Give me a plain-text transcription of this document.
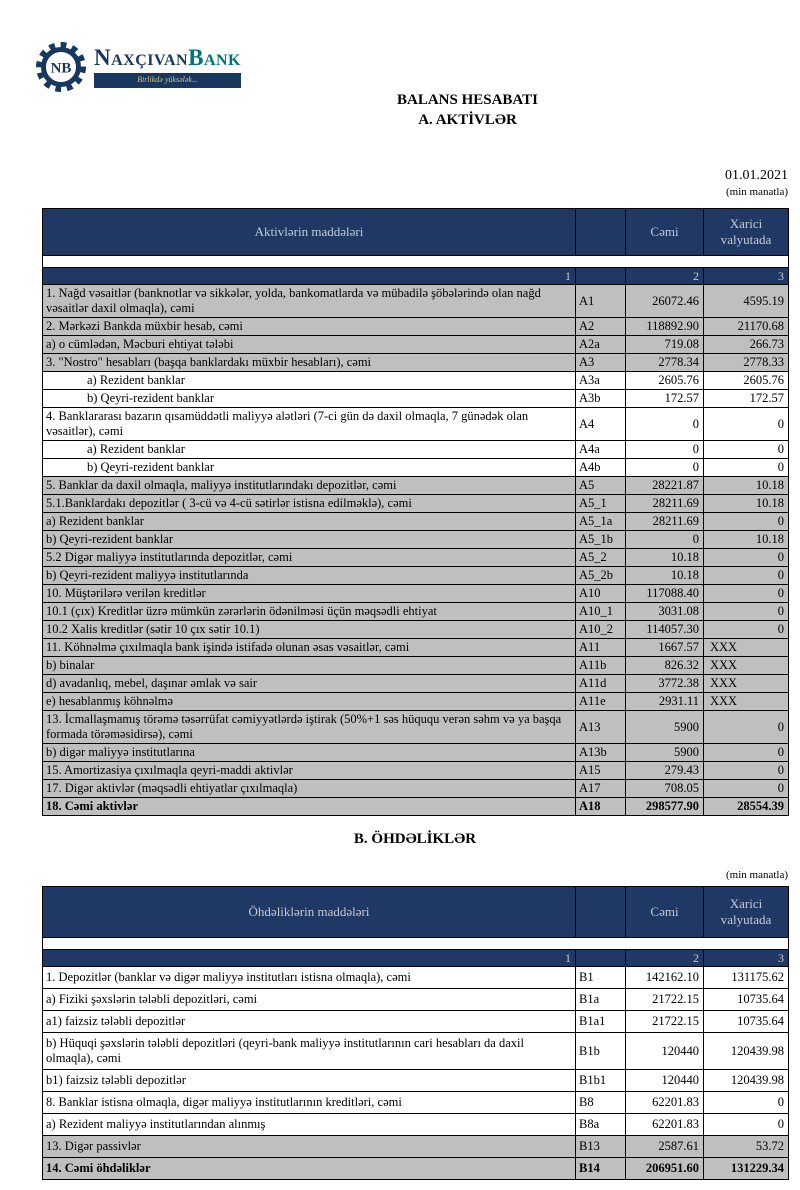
NB NaxçıvanBank
Birlikdə yüksələk...
BALANS HESABATI
A. AKTİVLƏR
01.01.2021
(min manatla)
Aktivlərin maddələri		Cəmi	Xarici valyutada

1		2	3
1. Nağd vəsaitlər (banknotlar və sikkələr, yolda, bankomatlarda və mübadilə şöbələrində olan nağd vəsaitlər daxil olmaqla), cəmi	A1	26072.46	4595.19
2. Mərkəzi Bankda müxbir hesab, cəmi	A2	118892.90	21170.68
a) o cümlədən, Məcburi ehtiyat tələbi	A2a	719.08	266.73
3. "Nostro" hesabları (başqa banklardakı müxbir hesabları), cəmi	A3	2778.34	2778.33
a) Rezident banklar	A3a	2605.76	2605.76
b) Qeyri-rezident banklar	A3b	172.57	172.57
4. Banklararası bazarın qısamüddətli maliyyə alətləri (7-ci gün də daxil olmaqla, 7 günədək olan vəsaitlər), cəmi	A4	0	0
a) Rezident banklar	A4a	0	0
b) Qeyri-rezident banklar	A4b	0	0
5. Banklar da daxil olmaqla, maliyyə institutlarındakı depozitlər, cəmi	A5	28221.87	10.18
5.1.Banklardakı depozitlər ( 3-cü və 4-cü sətirlər istisna edilməklə), cəmi	A5_1	28211.69	10.18
a) Rezident banklar	A5_1a	28211.69	0
b) Qeyri-rezident banklar	A5_1b	0	10.18
5.2 Digər maliyyə institutlarında depozitlər, cəmi	A5_2	10.18	0
b) Qeyri-rezident maliyyə institutlarında	A5_2b	10.18	0
10. Müştərilərə verilən kreditlər	A10	117088.40	0
10.1 (çıx) Kreditlər üzrə mümkün zərərlərin ödənilməsi üçün məqsədli ehtiyat	A10_1	3031.08	0
10.2 Xalis kreditlər (sətir 10 çıx sətir 10.1)	A10_2	114057.30	0
11. Köhnəlmə çıxılmaqla bank işində istifadə olunan əsas vəsaitlər, cəmi	A11	1667.57	XXX
b) binalar	A11b	826.32	XXX
d) avadanlıq, mebel, daşınar əmlak və sair	A11d	3772.38	XXX
e) hesablanmış köhnəlmə	A11e	2931.11	XXX
13. İcmallaşmamış törəmə təsərrüfat cəmiyyətlərdə iştirak (50%+1 səs hüququ verən səhm və ya başqa formada törəməsidirsə), cəmi	A13	5900	0
b) digər maliyyə institutlarına	A13b	5900	0
15. Amortizasiya çıxılmaqla qeyri-maddi aktivlər	A15	279.43	0
17. Digər aktivlər (məqsədli ehtiyatlar çıxılmaqla)	A17	708.05	0
18. Cəmi aktivlər	A18	298577.90	28554.39
B. ÖHDƏLİKLƏR
(min manatla)
Öhdəliklərin maddələri		Cəmi	Xarici valyutada

1		2	3
1. Depozitlər (banklar və digər maliyyə institutları istisna olmaqla), cəmi	B1	142162.10	131175.62
a) Fiziki şəxslərin tələbli depozitləri, cəmi	B1a	21722.15	10735.64
a1) faizsiz tələbli depozitlər	B1a1	21722.15	10735.64
b) Hüquqi şəxslərin tələbli depozitləri (qeyri-bank maliyyə institutlarının cari hesabları da daxil olmaqla), cəmi	B1b	120440	120439.98
b1) faizsiz tələbli depozitlər	B1b1	120440	120439.98
8. Banklar istisna olmaqla, digər maliyyə institutlarının kreditləri, cəmi	B8	62201.83	0
a) Rezident maliyyə institutlarından alınmış	B8a	62201.83	0
13. Digər passivlər	B13	2587.61	53.72
14. Cəmi öhdəliklər	B14	206951.60	131229.34
